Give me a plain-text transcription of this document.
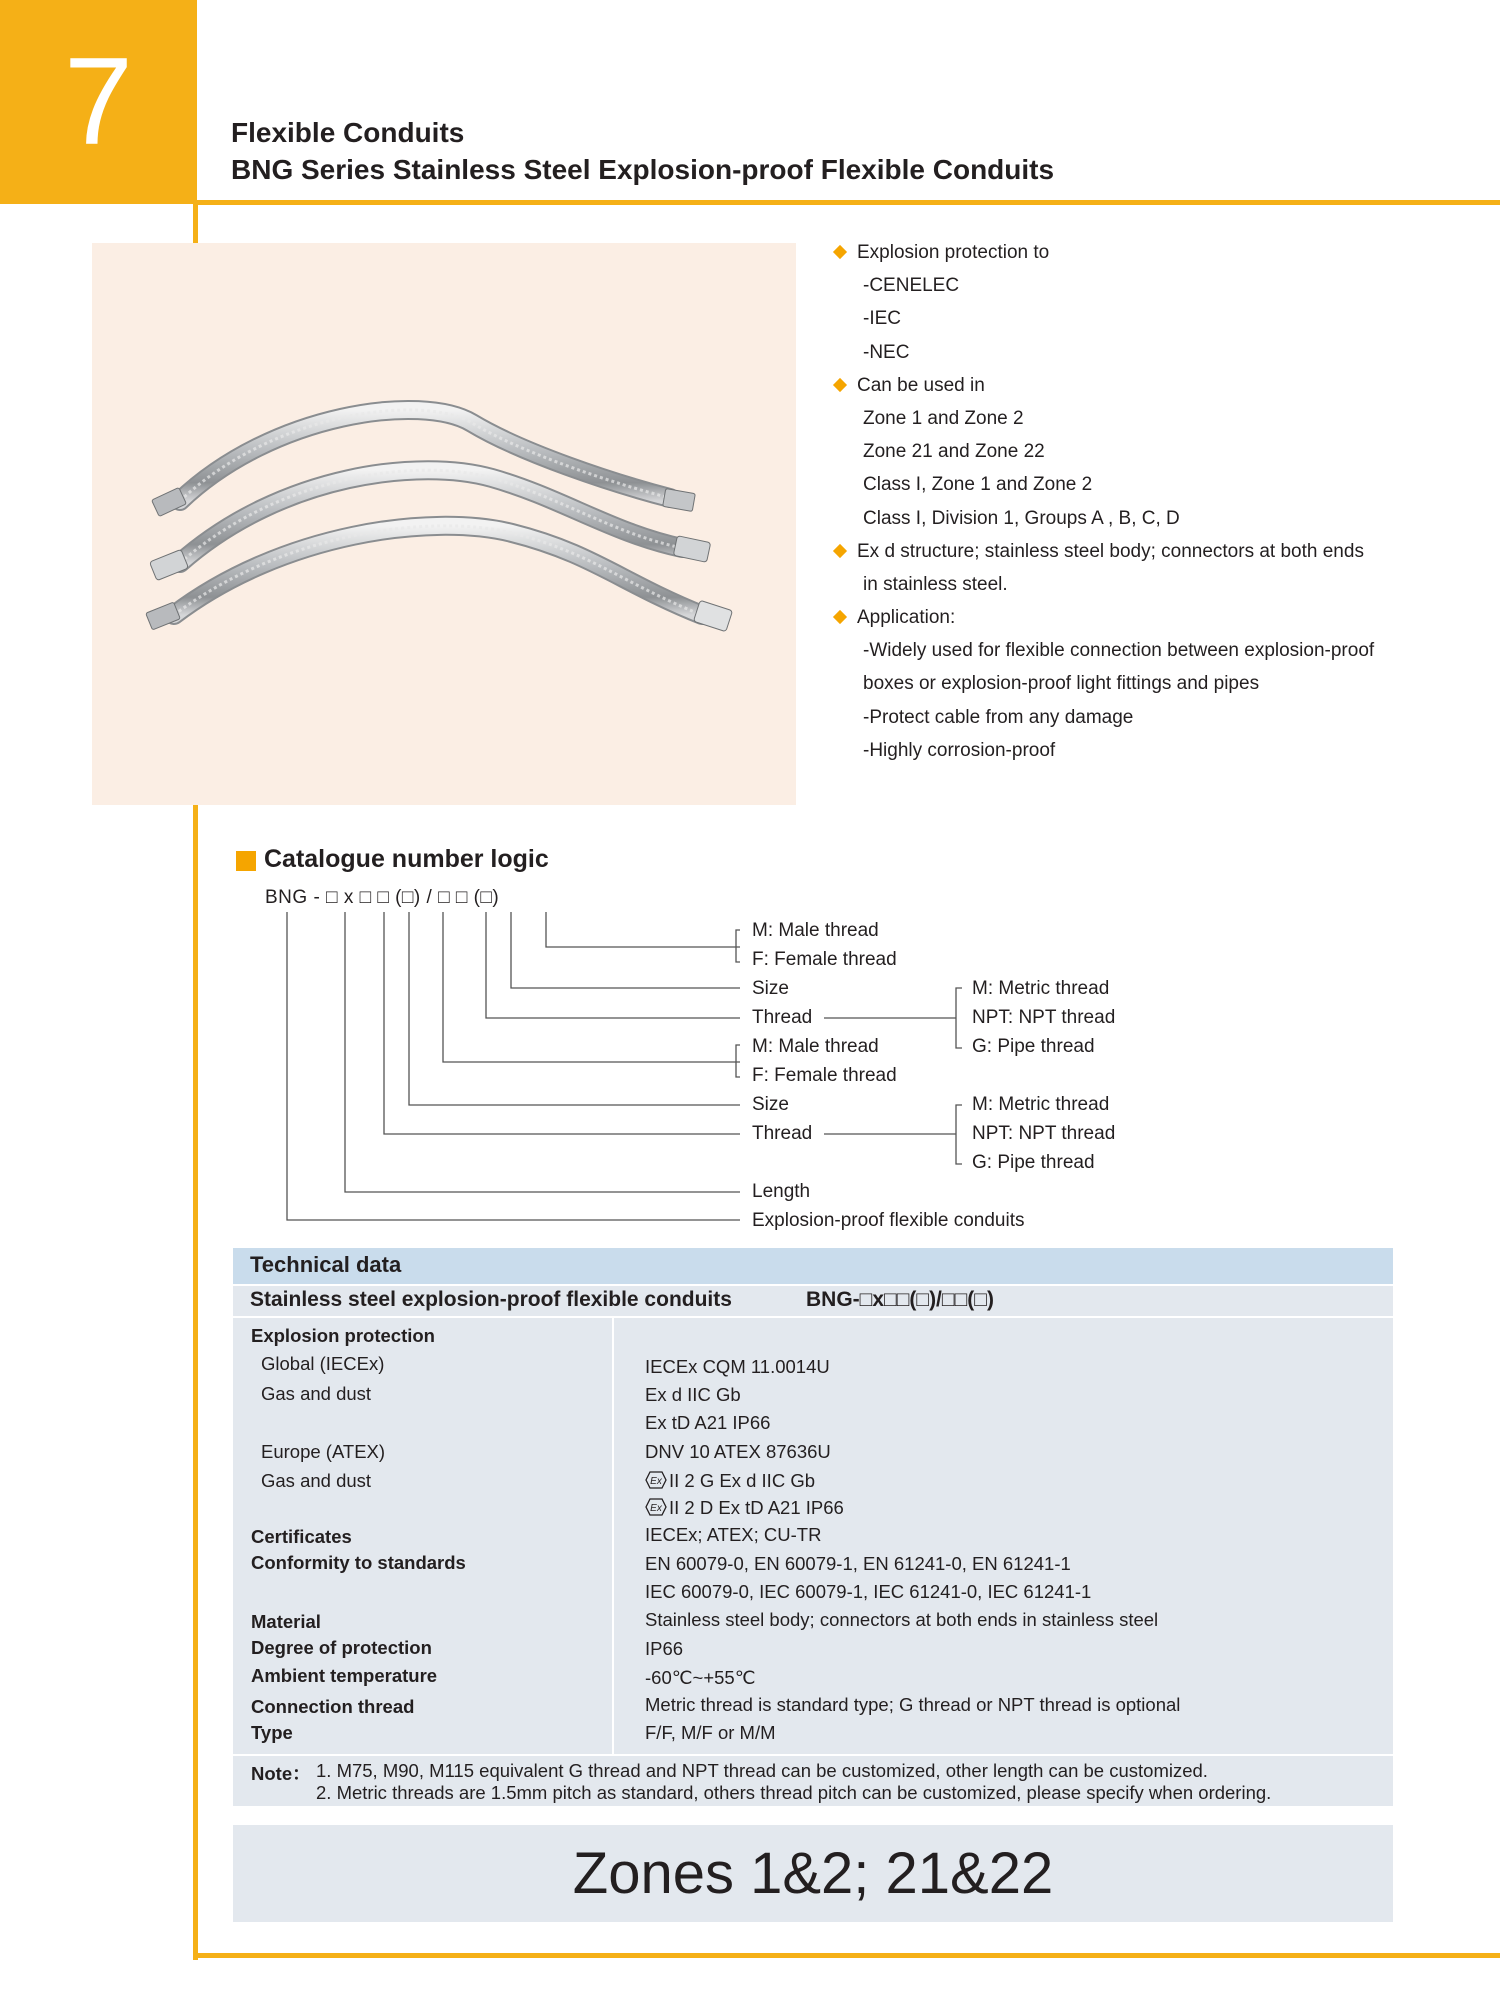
7	Flexible Conduits
BNG Series Stainless Steel Explosion-proof Flexible Conduits
Explosion protection to
-CENELEC
-IEC
-NEC
Can be used in
Zone 1 and Zone 2
Zone 21 and Zone 22
Class I, Zone 1 and Zone 2
Class I, Division 1, Groups A , B, C, D
Ex d structure; stainless steel body; connectors at both ends
in stainless steel.
Application:
-Widely used for flexible connection between explosion-proof
boxes or explosion-proof light fittings and pipes
-Protect cable from any damage
-Highly corrosion-proof
Catalogue number logic
BNG - □ x □ □ (□) / □ □ (□)
M: Male thread
F: Female thread
Size
Thread
M: Male thread
F: Female thread
Size
Thread
Length
Explosion-proof flexible conduits
M: Metric thread
NPT: NPT thread
G: Pipe thread
M: Metric thread
NPT: NPT thread
G: Pipe thread
Technical data
Stainless steel explosion-proof flexible conduits	BNG-□x□□(□)/□□(□)
Explosion protection
Global (IECEx)
Gas and dust
Europe (ATEX)
Gas and dust
Certificates
Conformity to standards
Material
Degree of protection
Ambient temperature
Connection thread
Type
IECEx CQM 11.0014U
Ex d IIC Gb
Ex tD A21 IP66
DNV 10 ATEX 87636U
Ex II 2 G Ex d IIC Gb
Ex II 2 D Ex tD A21 IP66
IECEx; ATEX; CU-TR
EN 60079-0, EN 60079-1, EN 61241-0, EN 61241-1
IEC 60079-0, IEC 60079-1, IEC 61241-0, IEC 61241-1
Stainless steel body; connectors at both ends in stainless steel
IP66
-60℃~+55℃
Metric thread is standard type; G thread or NPT thread is optional
F/F, M/F or M/M
Note： 1. M75, M90, M115 equivalent G thread and NPT thread can be customized, other length can be customized.
2. Metric threads are 1.5mm pitch as standard, others thread pitch can be customized, please specify when ordering.
Zones 1&2; 21&22
